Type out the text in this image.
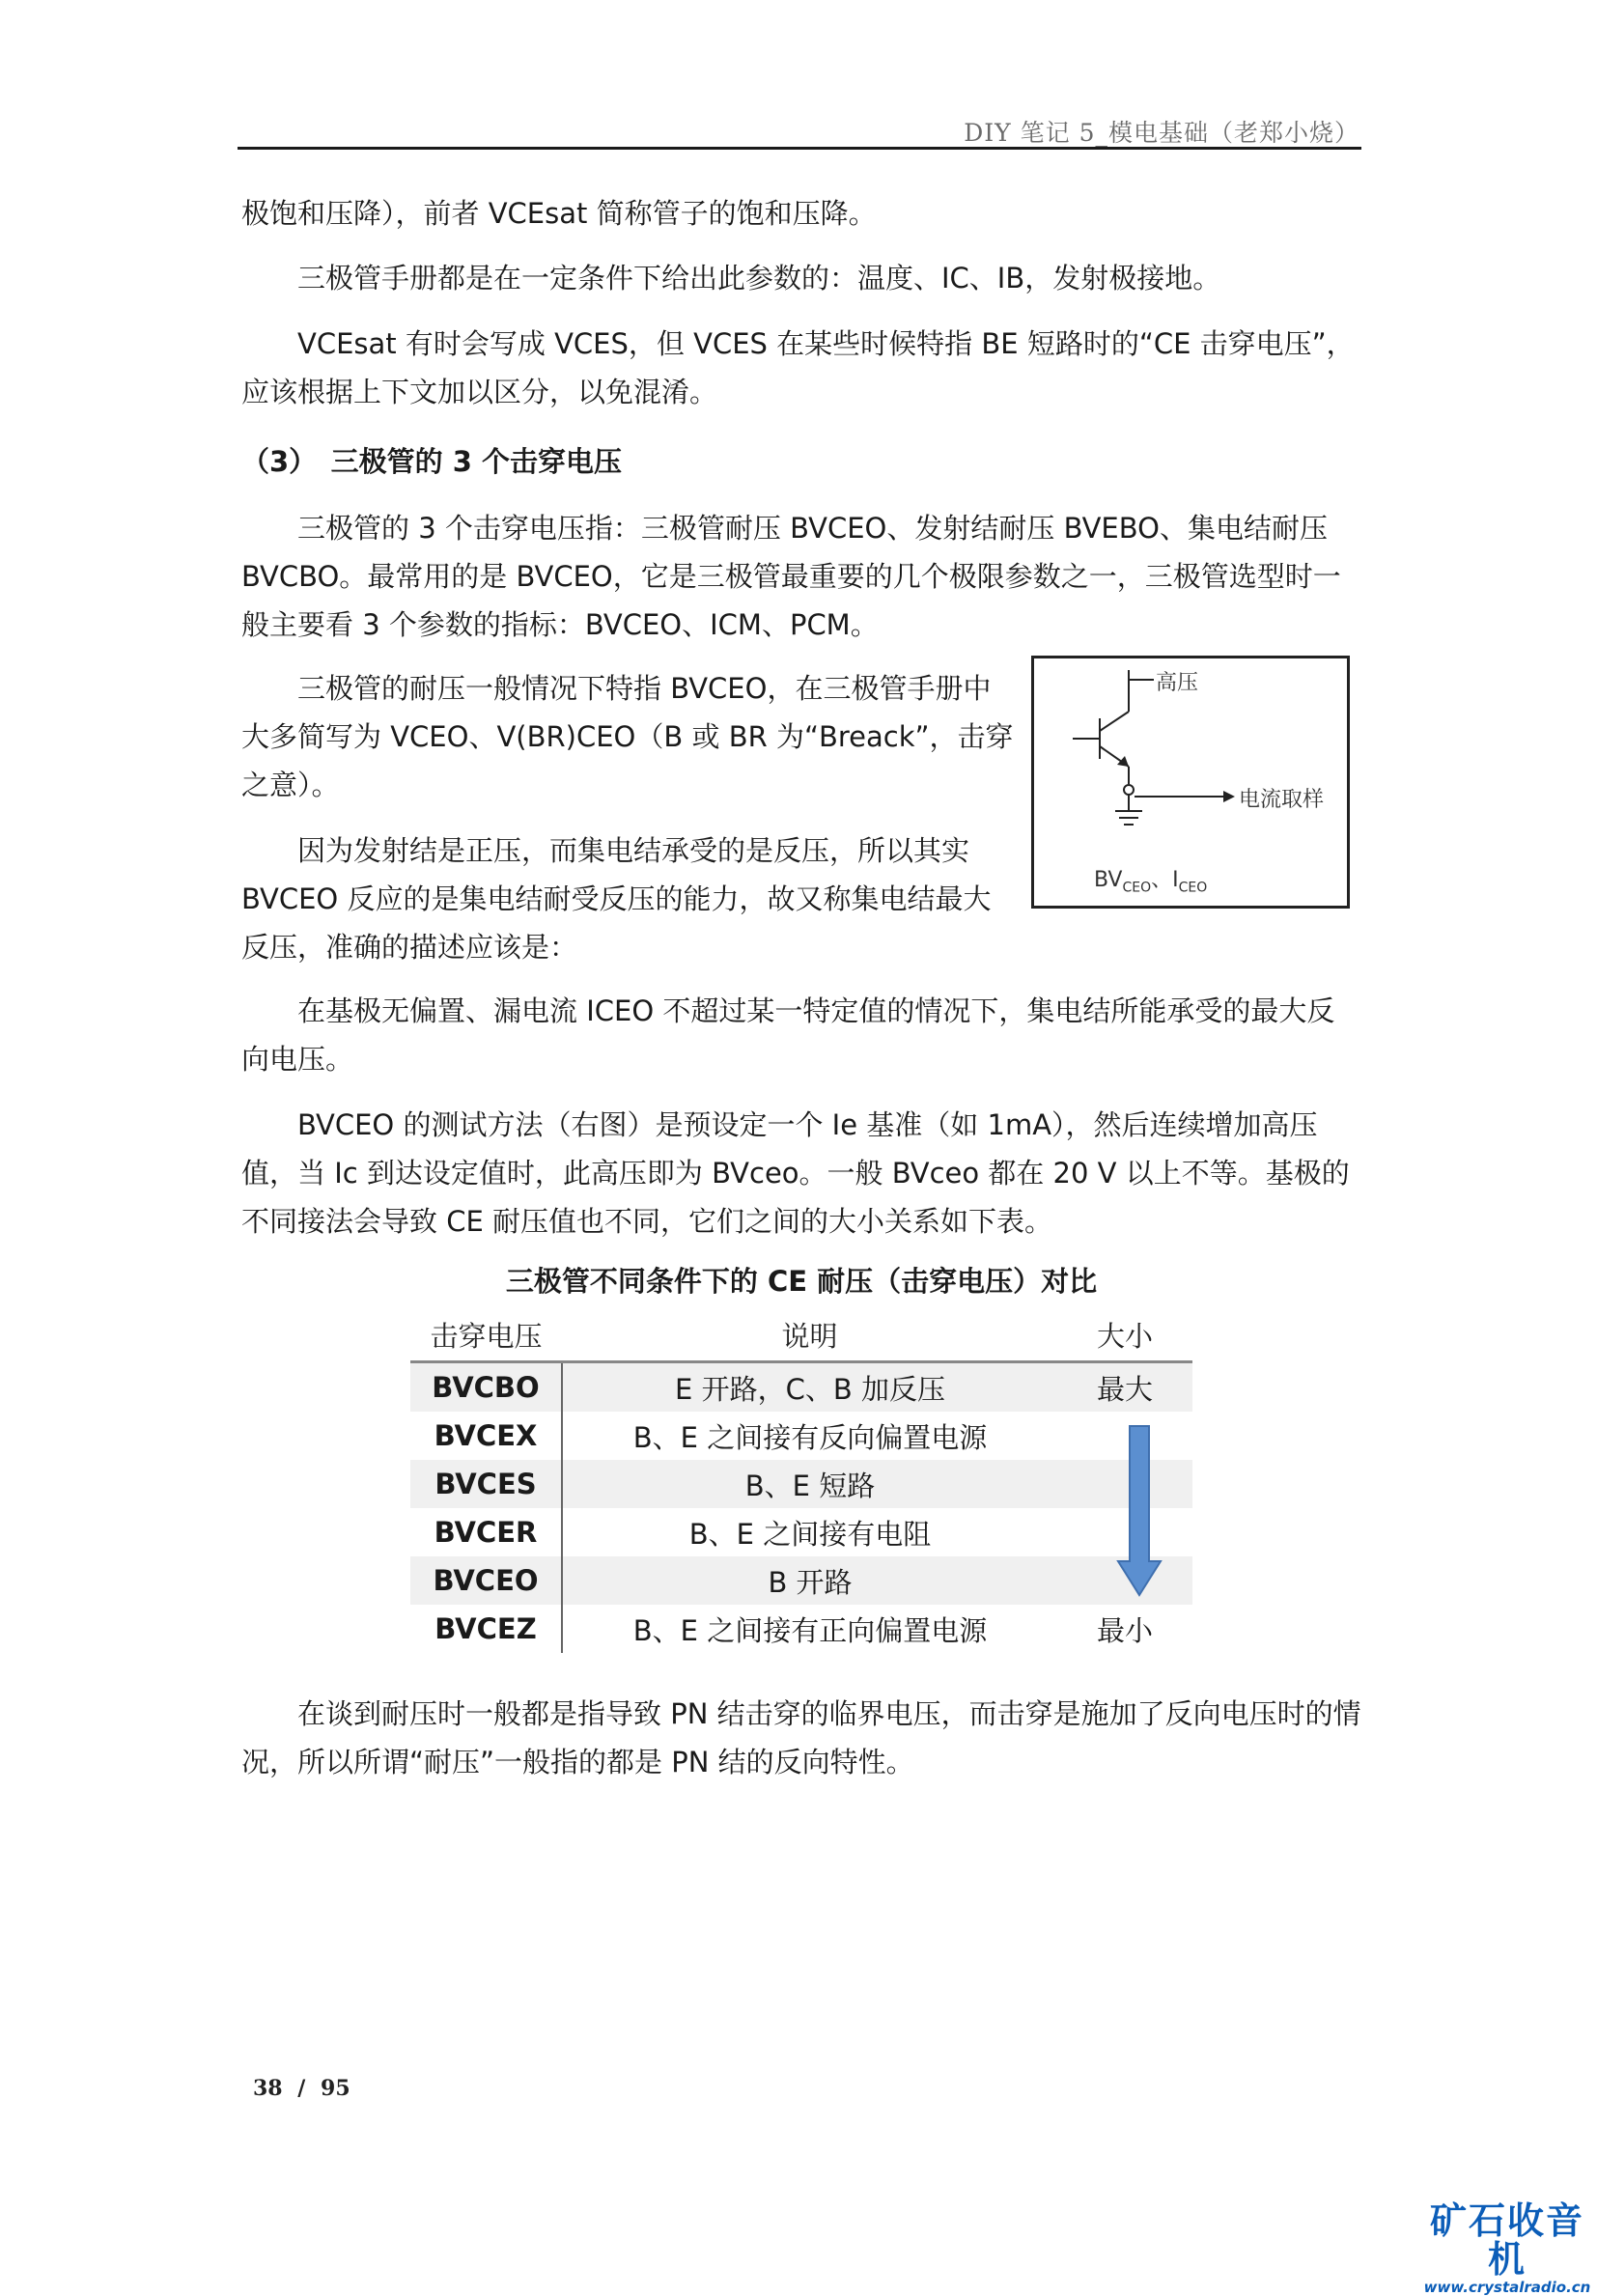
DIY 笔记 5_模电基础（老郑小烧）

极饱和压降），前者 VCEsat 简称管子的饱和压降。

三极管手册都是在一定条件下给出此参数的：温度、IC、IB，发射极接地。

VCEsat 有时会写成 VCES，但 VCES 在某些时候特指 BE 短路时的“CE 击穿电压”，应该根据上下文加以区分，以免混淆。

（3）　三极管的 3 个击穿电压

三极管的 3 个击穿电压指：三极管耐压 BVCEO、发射结耐压 BVEBO、集电结耐压 BVCBO。最常用的是 BVCEO，它是三极管最重要的几个极限参数之一，三极管选型时一般主要看 3 个参数的指标：BVCEO、ICM、PCM。

三极管的耐压一般情况下特指 BVCEO，在三极管手册中大多简写为 VCEO、V(BR)CEO（B 或 BR 为“Breack”，击穿之意）。

因为发射结是正压，而集电结承受的是反压，所以其实 BVCEO 反应的是集电结耐受反压的能力，故又称集电结最大反压，准确的描述应该是：

在基极无偏置、漏电流 ICEO 不超过某一特定值的情况下，集电结所能承受的最大反向电压。

BVCEO 的测试方法（右图）是预设定一个 Ie 基准（如 1mA），然后连续增加高压值，当 Ic 到达设定值时，此高压即为 BVceo。一般 BVceo 都在 20 V 以上不等。基极的不同接法会导致 CE 耐压值也不同，它们之间的大小关系如下表。

高压
电流取样
$BV_{CEO}$、$I_{CEO}$
三极管不同条件下的 CE 耐压（击穿电压）对比
击穿电压	说明	大小
BVCBO	E 开路，C、B 加反压	最大
BVCEX	B、E 之间接有反向偏置电源	
BVCES	B、E 短路	
BVCER	B、E 之间接有电阻	
BVCEO	B 开路	
BVCEZ	B、E 之间接有正向偏置电源	最小

在谈到耐压时一般都是指导致 PN 结击穿的临界电压，而击穿是施加了反向电压时的情况，所以所谓“耐压”一般指的都是 PN 结的反向特性。

38 / 95
矿石收音机
www.crystalradio.cn
